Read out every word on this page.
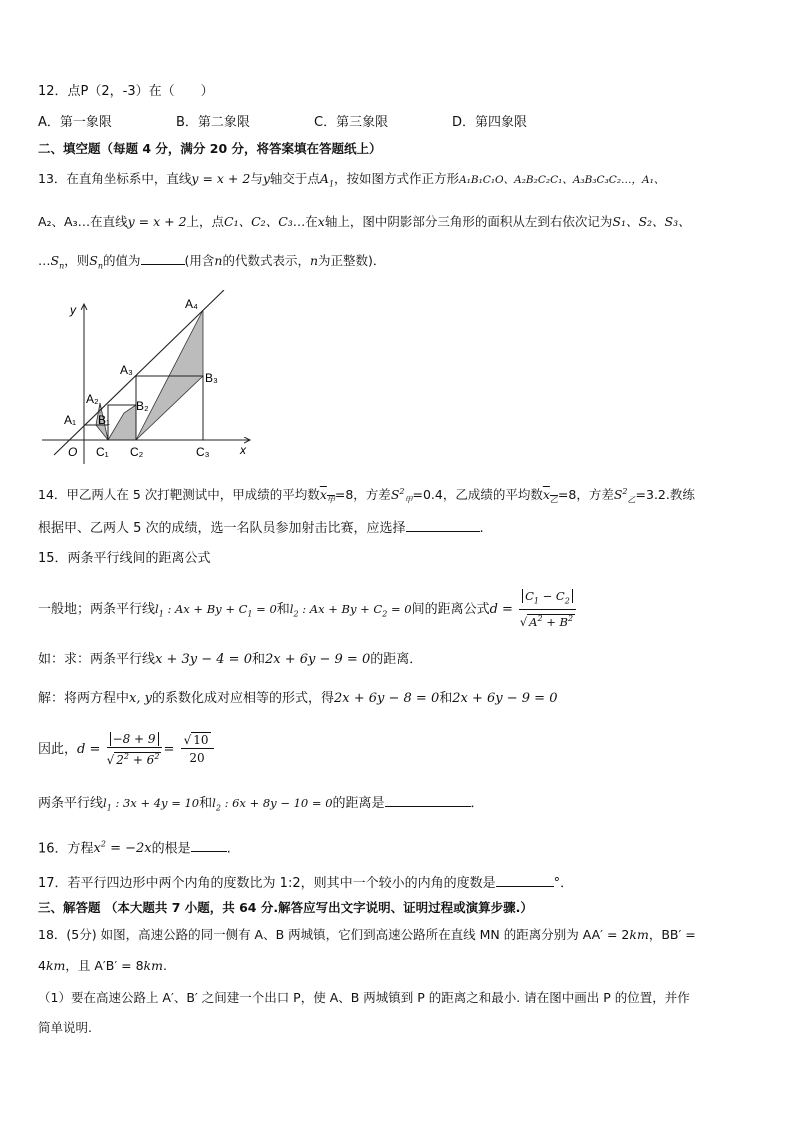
12．点P（2，-3）在（　　）
A．第一象限	B．第二象限	C．第三象限	D．第四象限
二、填空题（每题 4 分，满分 20 分，将答案填在答题纸上）
13．在直角坐标系中，直线y = x + 2与y轴交于点$A_1$，按如图方式作正方形A₁B₁C₁O、A₂B₂C₂C₁、A₃B₃C₃C₂…，A₁、
A₂、A₃…在直线y = x + 2上，点C₁、C₂、C₃…在x轴上，图中阴影部分三角形的面积从左到右依次记为S₁、S₂、S₃、
$\dots S_n$，则$S_n$的值为	(用含n的代数式表示，n为正整数)．
y
x
O
A₁
A₂
A₃
A₄
B₁
B₂
B₃
C₁ C₂	C₃
14．甲乙两人在 5 次打靶测试中，甲成绩的平均数$x_甲=8$，方差$S^2_甲=0.4$，乙成绩的平均数$x_乙=8$，方差$S^2_乙=3.2$.教练
根据甲、乙两人 5 次的成绩，选一名队员参加射击比赛，应选择	.
15．两条平行线间的距离公式
一般地；两条平行线$l_1$ : $Ax + By + C_1 = 0$和$l_2$ : $Ax + By + C_2 = 0$间的距离公式$d = \frac{C_1 - C_2}{√ A^2 + B^2}$
如：求：两条平行线x + 3y − 4 = 0和2x + 6y − 9 = 0的距离．
解：将两方程中x, y的系数化成对应相等的形式，得2x + 6y − 8 = 0和2x + 6y − 9 = 0
因此，$d = \frac{-8 + 9}{√ 2^2 + 6^2} = \frac{√ 10}{20}$
两条平行线$l_1$ : 3x + 4y = 10和$l_2$ : 6x + 8y − 10 = 0的距离是	．
16．方程$x^2 = -2x$的根是	.
17．若平行四边形中两个内角的度数比为 1:2，则其中一个较小的内角的度数是	°．
三、解答题 （本大题共 7 小题，共 64 分.解答应写出文字说明、证明过程或演算步骤.）
18．(5分) 如图，高速公路的同一侧有 A、B 两城镇，它们到高速公路所在直线 MN 的距离分别为 AA′ = 2km，BB′ =
4km，且 A′B′ = 8km.
（1）要在高速公路上 A′、B′ 之间建一个出口 P，使 A、B 两城镇到 P 的距离之和最小. 请在图中画出 P 的位置，并作
简单说明.
